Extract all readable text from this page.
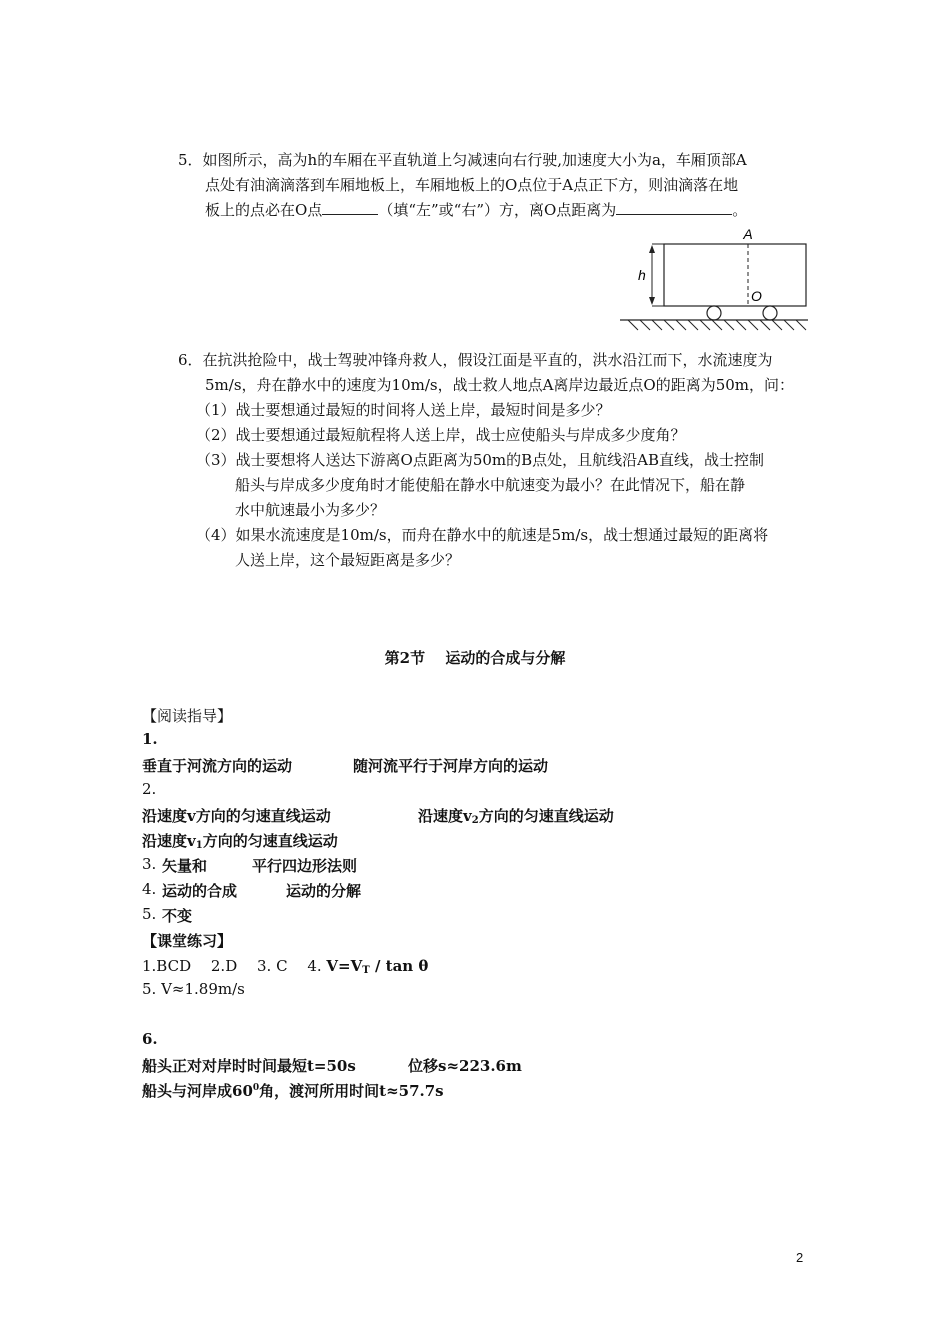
5．如图所示，高为h的车厢在平直轨道上匀减速向右行驶,加速度大小为a，车厢顶部A
点处有油滴滴落到车厢地板上，车厢地板上的O点位于A点正下方，则油滴落在地
板上的点必在O点	（填“左”或“右”）方，离O点距离为	。
A
h
O
6．在抗洪抢险中，战士驾驶冲锋舟救人，假设江面是平直的，洪水沿江而下，水流速度为
5m/s，舟在静水中的速度为10m/s，战士救人地点A离岸边最近点O的距离为50m，问：
（1）战士要想通过最短的时间将人送上岸，最短时间是多少？
（2）战士要想通过最短航程将人送上岸，战士应使船头与岸成多少度角？
（3）战士要想将人送达下游离O点距离为50m的B点处，且航线沿AB直线，战士控制
船头与岸成多少度角时才能使船在静水中航速变为最小？在此情况下，船在静
水中航速最小为多少？
（4）如果水流速度是10m/s，而舟在静水中的航速是5m/s，战士想通过最短的距离将
人送上岸，这个最短距离是多少？
第2节　 运动的合成与分解
【阅读指导】
1.
垂直于河流方向的运动	随河流平行于河岸方向的运动
2.
沿速度v方向的匀速直线运动	沿速度$v_2$方向的匀速直线运动
沿速度$v_1$方向的匀速直线运动
3. 矢量和	平行四边形法则
4. 运动的合成	运动的分解
5. 不变
【课堂练习】
1.BCD　 2.D　 3. C　 4. $V=V_T / \tan \theta$
5. V≈1.89m/s
6.
船头正对对岸时时间最短t=50s	位移s≈223.6m
船头与河岸成$60^0$角，渡河所用时间t≈57.7s
2
